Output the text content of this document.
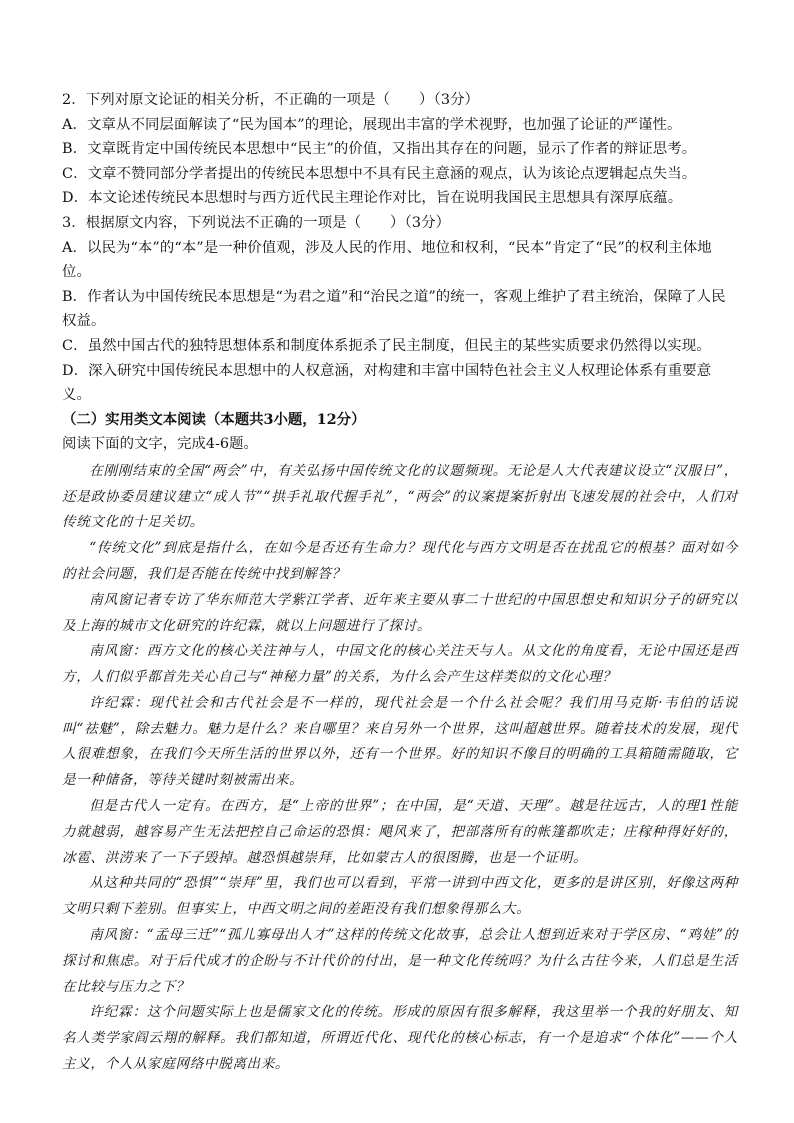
2．下列对原文论证的相关分析，不正确的一项是（　　）（3分）

A．文章从不同层面解读了“民为国本”的理论，展现出丰富的学术视野，也加强了论证的严谨性。

B．文章既肯定中国传统民本思想中“民主”的价值，又指出其存在的问题，显示了作者的辩证思考。

C．文章不赞同部分学者提出的传统民本思想中不具有民主意涵的观点，认为该论点逻辑起点失当。

D．本文论述传统民本思想时与西方近代民主理论作对比，旨在说明我国民主思想具有深厚底蕴。

3．根据原文内容，下列说法不正确的一项是（　　）（3分）

A．以民为“本”的“本”是一种价值观，涉及人民的作用、地位和权利，“民本”肯定了“民”的权利主体地位。

B．作者认为中国传统民本思想是“为君之道”和“治民之道”的统一，客观上维护了君主统治，保障了人民权益。

C．虽然中国古代的独特思想体系和制度体系扼杀了民主制度，但民主的某些实质要求仍然得以实现。

D．深入研究中国传统民本思想中的人权意涵，对构建和丰富中国特色社会主义人权理论体系有重要意义。

（二）实用类文本阅读（本题共3小题，12分）

阅读下面的文字，完成4-6题。

在刚刚结束的全国“两会”中，有关弘扬中国传统文化的议题频现。无论是人大代表建议设立“汉服日”，还是政协委员建议建立“成人节”“拱手礼取代握手礼”，“两会”的议案提案折射出飞速发展的社会中，人们对传统文化的十足关切。

“传统文化”到底是指什么，在如今是否还有生命力？现代化与西方文明是否在扰乱它的根基？面对如今的社会问题，我们是否能在传统中找到解答？

南风窗记者专访了华东师范大学紫江学者、近年来主要从事二十世纪的中国思想史和知识分子的研究以及上海的城市文化研究的许纪霖，就以上问题进行了探讨。

南风窗：西方文化的核心关注神与人，中国文化的核心关注天与人。从文化的角度看，无论中国还是西方，人们似乎都首先关心自己与“神秘力量”的关系，为什么会产生这样类似的文化心理？

许纪霖：现代社会和古代社会是不一样的，现代社会是一个什么社会呢？我们用马克斯·韦伯的话说叫“祛魅”，除去魅力。魅力是什么？来自哪里？来自另外一个世界，这叫超越世界。随着技术的发展，现代人很难想象，在我们今天所生活的世界以外，还有一个世界。好的知识不像目的明确的工具箱随需随取，它是一种储备，等待关键时刻被需出来。

但是古代人一定有。在西方，是“上帝的世界”；在中国，是“天道、天理”。越是往远古，人的理1性能力就越弱，越容易产生无法把控自己命运的恐惧：飓风来了，把部落所有的帐篷都吹走；庄稼种得好好的，冰雹、洪涝来了一下子毁掉。越恐惧越崇拜，比如蒙古人的很图腾，也是一个证明。

从这种共同的“恐惧”“崇拜”里，我们也可以看到，平常一讲到中西文化，更多的是讲区别，好像这两种文明只剩下差别。但事实上，中西文明之间的差距没有我们想象得那么大。

南风窗：“孟母三迁”“孤儿寡母出人才”这样的传统文化故事，总会让人想到近来对于学区房、“鸡娃”的探讨和焦虑。对于后代成才的企盼与不计代价的付出，是一种文化传统吗？为什么古往今来，人们总是生活在比较与压力之下？

许纪霖：这个问题实际上也是儒家文化的传统。形成的原因有很多解释，我这里举一个我的好朋友、知名人类学家阎云翔的解释。我们都知道，所谓近代化、现代化的核心标志，有一个是追求“个体化”——个人主义，个人从家庭网络中脱离出来。
